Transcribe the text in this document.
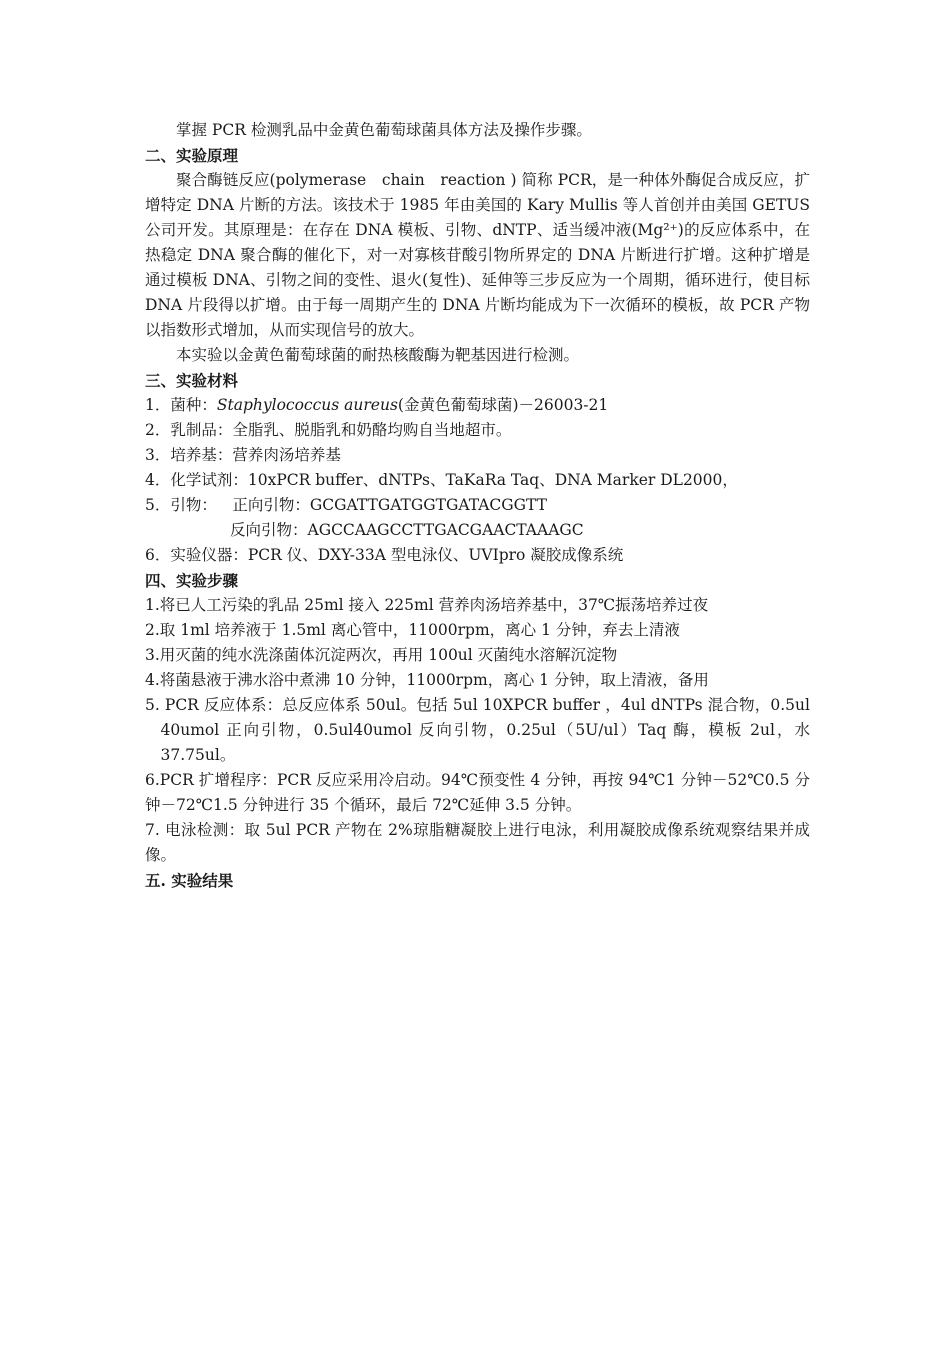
掌握 PCR 检测乳品中金黄色葡萄球菌具体方法及操作步骤。

二、实验原理

聚合酶链反应(polymerase　chain　reaction ) 简称 PCR，是一种体外酶促合成反应，扩增特定 DNA 片断的方法。该技术于 1985 年由美国的 Kary Mullis 等人首创并由美国 GETUS 公司开发。其原理是：在存在 DNA 模板、引物、dNTP、适当缓冲液(Mg²⁺)的反应体系中，在热稳定 DNA 聚合酶的催化下，对一对寡核苷酸引物所界定的 DNA 片断进行扩增。这种扩增是通过模板 DNA、引物之间的变性、退火(复性)、延伸等三步反应为一个周期，循环进行，使目标 DNA 片段得以扩增。由于每一周期产生的 DNA 片断均能成为下一次循环的模板，故 PCR 产物以指数形式增加，从而实现信号的放大。

本实验以金黄色葡萄球菌的耐热核酸酶为靶基因进行检测。

三、实验材料

1．菌种：Staphylococcus aureus(金黄色葡萄球菌)－26003-21

2．乳制品：全脂乳、脱脂乳和奶酪均购自当地超市。

3．培养基：营养肉汤培养基

4．化学试剂：10xPCR buffer、dNTPs、TaKaRa Taq、DNA Marker DL2000，

5．引物：　 正向引物：GCGATTGATGGTGATACGGTT

反向引物：AGCCAAGCCTTGACGAACTAAAGC

6．实验仪器：PCR 仪、DXY-33A 型电泳仪、UVIpro 凝胶成像系统

四、实验步骤

1.将已人工污染的乳品 25ml 接入 225ml 营养肉汤培养基中，37℃振荡培养过夜

2.取 1ml 培养液于 1.5ml 离心管中，11000rpm，离心 1 分钟，弃去上清液

3.用灭菌的纯水洗涤菌体沉淀两次，再用 100ul 灭菌纯水溶解沉淀物

4.将菌悬液于沸水浴中煮沸 10 分钟，11000rpm，离心 1 分钟，取上清液，备用

5. PCR 反应体系：总反应体系 50ul。包括 5ul 10XPCR buffer ，4ul dNTPs 混合物，0.5ul 40umol 正向引物，0.5ul40umol 反向引物，0.25ul（5U/ul）Taq 酶，模板 2ul，水 37.75ul。

6.PCR 扩增程序：PCR 反应采用冷启动。94℃预变性 4 分钟，再按 94℃1 分钟－52℃0.5 分钟－72℃1.5 分钟进行 35 个循环，最后 72℃延伸 3.5 分钟。

7. 电泳检测：取 5ul PCR 产物在 2%琼脂糖凝胶上进行电泳，利用凝胶成像系统观察结果并成像。

五. 实验结果
